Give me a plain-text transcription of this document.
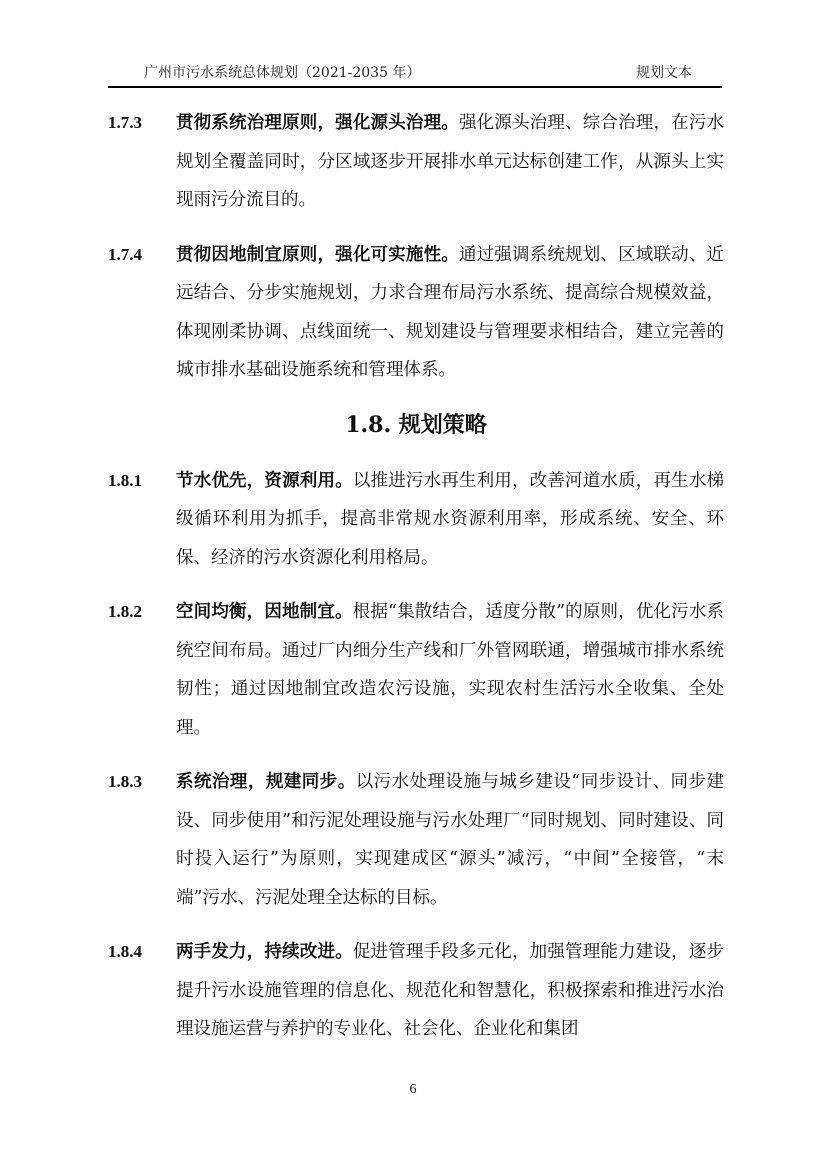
广州市污水系统总体规划（2021-2035 年）	规划文本
1.7.3 贯彻系统治理原则，强化源头治理。强化源头治理、综合治理，在污水规划全覆盖同时，分区域逐步开展排水单元达标创建工作，从源头上实现雨污分流目的。
1.7.4 贯彻因地制宜原则，强化可实施性。通过强调系统规划、区域联动、近远结合、分步实施规划，力求合理布局污水系统、提高综合规模效益，体现刚柔协调、点线面统一、规划建设与管理要求相结合，建立完善的城市排水基础设施系统和管理体系。
1.8. 规划策略
1.8.1 节水优先，资源利用。以推进污水再生利用，改善河道水质，再生水梯级循环利用为抓手，提高非常规水资源利用率，形成系统、安全、环保、经济的污水资源化利用格局。
1.8.2 空间均衡，因地制宜。根据“集散结合，适度分散”的原则，优化污水系统空间布局。通过厂内细分生产线和厂外管网联通，增强城市排水系统韧性；通过因地制宜改造农污设施，实现农村生活污水全收集、全处理。
1.8.3 系统治理，规建同步。以污水处理设施与城乡建设“同步设计、同步建设、同步使用”和污泥处理设施与污水处理厂“同时规划、同时建设、同时投入运行”为原则，实现建成区“源头”减污，“中间”全接管，“末端”污水、污泥处理全达标的目标。
1.8.4 两手发力，持续改进。促进管理手段多元化，加强管理能力建设，逐步提升污水设施管理的信息化、规范化和智慧化，积极探索和推进污水治理设施运营与养护的专业化、社会化、企业化和集团
6
